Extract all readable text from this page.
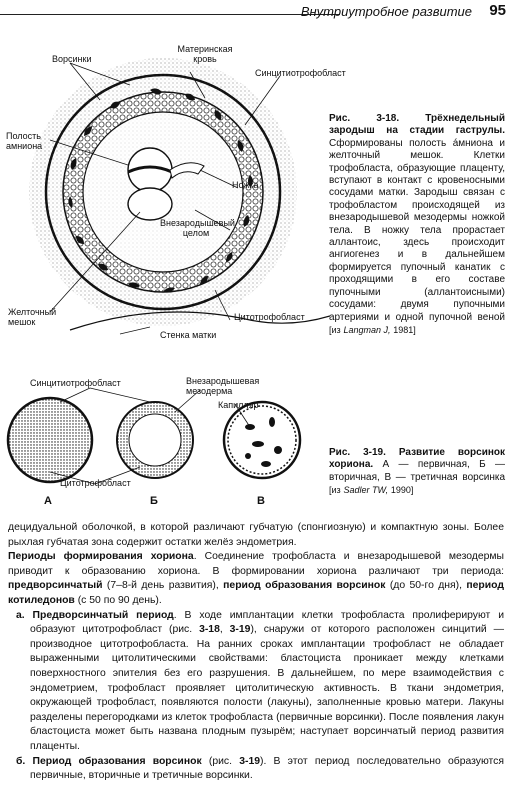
Внутриутробное развитие 95
Ворсинки
Материнская кровь
Синцитиотрофобласт
Полость амниона
Ножка
Внезародышевый целом
Желточный мешок
Стенка матки
Цитотрофобласт
Рис. 3-18.	Трёхнедельный зародыш на стадии гаструлы. Сформированы полость áмниона и желточный мешок. Клетки трофобласта, образующие плаценту, вступают в контакт с кровеносными сосудами матки. Зародыш связан с трофобластом происходящей из внезародышевой мезодермы ножкой тела. В ножку тела прорастает аллантоис, здесь происходит ангиогенез и в дальнейшем формируется пупочный канатик с проходящими в его составе пупочными (аллантоисными) сосудами: двумя пупочными артериями и одной пупочной веной [из Langman J, 1981]
Синцитиотрофобласт	Внезародышевая мезодерма
Капилляр
Цитотрофобласт
А	Б	В
Рис. 3-19. Развитие ворсинок хориона. А — первичная, Б — вторичная, В — третичная ворсинка [из Sadler TW, 1990]

децидуальной оболочкой, в которой различают губчатую (спонгиозную) и компактную зоны. Более рыхлая губчатая зона содержит остатки желёз эндометрия.

Периоды формирования хориона. Соединение трофобласта и внезародышевой мезодермы приводит к образованию хориона. В формировании хориона различают три периода: предворсинчатый (7–8-й день развития), период образования ворсинок (до 50-го дня), период котиледонов (с 50 по 90 день).

а. Предворсинчатый период. В ходе имплантации клетки трофобласта пролиферируют и образуют цитотрофобласт (рис. 3-18, 3-19), снаружи от которого расположен синцитий — производное цитотрофобласта. На ранних сроках имплантации трофобласт не обладает выраженными цитолитическими свойствами: бластоциста проникает между клетками поверхностного эпителия без его разрушения. В дальнейшем, по мере взаимодействия с эндометрием, трофобласт проявляет цитолитическую активность. В ткани эндометрия, окружающей трофобласт, появляются полости (лакуны), заполненные кровью матери. Лакуны разделены перегородками из клеток трофобласта (первичные ворсинки). После появления лакун бластоциста может быть названа плодным пузырём; наступает ворсинчатый период развития плаценты.

б. Период образования ворсинок (рис. 3-19). В этот период последовательно образуются первичные, вторичные и третичные ворсинки.
